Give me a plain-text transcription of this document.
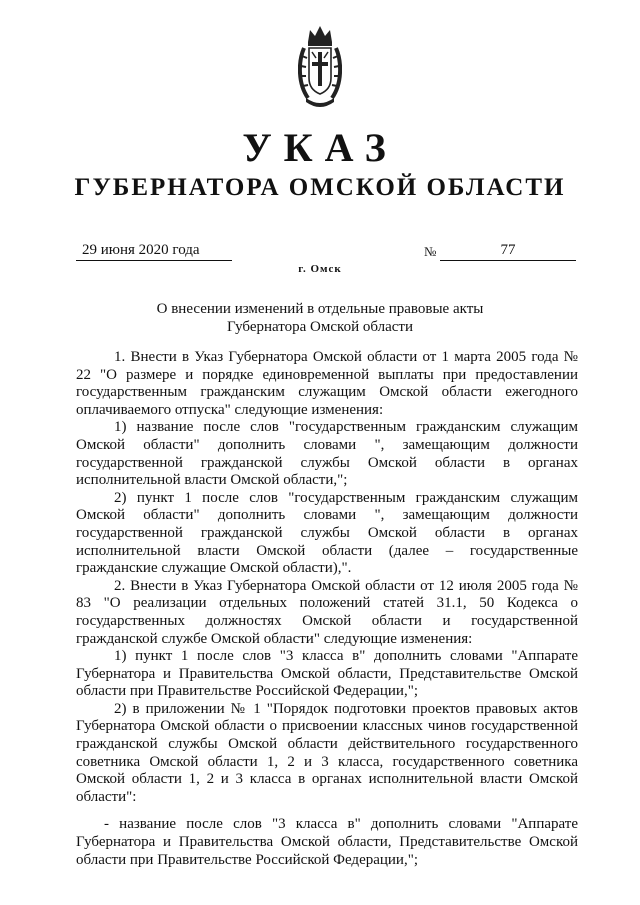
УКАЗ
ГУБЕРНАТОРА ОМСКОЙ ОБЛАСТИ
29 июня 2020 года	№	77
г. Омск
О внесении изменений в отдельные правовые акты
Губернатора Омской области

1. Внести в Указ Губернатора Омской области от 1 марта 2005 года № 22 "О размере и порядке единовременной выплаты при предоставлении государственным гражданским служащим Омской области ежегодного оплачиваемого отпуска" следующие изменения:

1) название после слов "государственным гражданским служащим Омской области" дополнить словами ", замещающим должности государственной гражданской службы Омской области в органах исполнительной власти Омской области,";

2) пункт 1 после слов "государственным гражданским служащим Омской области" дополнить словами ", замещающим должности государственной гражданской службы Омской области в органах исполнительной власти Омской области (далее – государственные гражданские служащие Омской области),".

2. Внести в Указ Губернатора Омской области от 12 июля 2005 года № 83 "О реализации отдельных положений статей 31.1, 50 Кодекса о государственных должностях Омской области и государственной гражданской службе Омской области" следующие изменения:

1) пункт 1 после слов "3 класса в" дополнить словами "Аппарате Губернатора и Правительства Омской области, Представительстве Омской области при Правительстве Российской Федерации,";

2) в приложении № 1 "Порядок подготовки проектов правовых актов Губернатора Омской области о присвоении классных чинов государственной гражданской службы Омской области действительного государственного советника Омской области 1, 2 и 3 класса, государственного советника Омской области 1, 2 и 3 класса в органах исполнительной власти Омской области":

- название после слов "3 класса в" дополнить словами "Аппарате Губернатора и Правительства Омской области, Представительстве Омской области при Правительстве Российской Федерации,";
